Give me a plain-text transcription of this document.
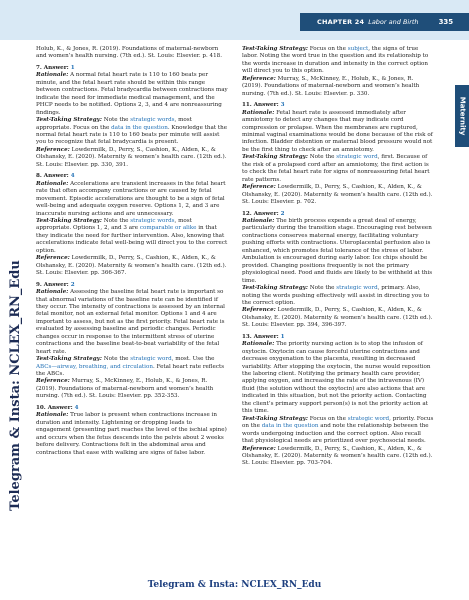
CHAPTER 24 Labor and Birth	335
Maternity
Telegram & Insta: NCLEX_RN_Edu

Holub, K., & Jones, R. (2019). Foundations of maternal-newborn and women’s health nursing. (7th ed.). St. Louis: Elsevier. p. 418.

7. Answer: 1

Rationale: A normal fetal heart rate is 110 to 160 beats per minute, and the fetal heart rate should be within this range between contractions. Fetal bradycardia between contractions may indicate the need for immediate medical management, and the PHCP needs to be notified. Options 2, 3, and 4 are nonreassuring findings.

Test-Taking Strategy: Note the strategic words, most appropriate. Focus on the data in the question. Knowledge that the normal fetal heart rate is 110 to 160 beats per minute will assist you to recognize that fetal bradycardia is present.

Reference: Lowdermilk, D., Perry, S., Cashion, K., Alden, K., & Olshansky, E. (2020). Maternity & women’s health care. (12th ed.). St. Louis: Elsevier. pp. 330, 391.

8. Answer: 4

Rationale: Accelerations are transient increases in the fetal heart rate that often accompany contractions or are caused by fetal movement. Episodic accelerations are thought to be a sign of fetal well-being and adequate oxygen reserve. Options 1, 2, and 3 are inaccurate nursing actions and are unnecessary.

Test-Taking Strategy: Note the strategic words, most appropriate. Options 1, 2, and 3 are comparable or alike in that they indicate the need for further intervention. Also, knowing that accelerations indicate fetal well-being will direct you to the correct option.

Reference: Lowdermilk, D., Perry, S., Cashion, K., Alden, K., & Olshansky, E. (2020). Maternity & women’s health care. (12th ed.). St. Louis: Elsevier. pp. 366-367.

9. Answer: 2

Rationale: Assessing the baseline fetal heart rate is important so that abnormal variations of the baseline rate can be identified if they occur. The intensity of contractions is assessed by an internal fetal monitor, not an external fetal monitor. Options 1 and 4 are important to assess, but not as the first priority. Fetal heart rate is evaluated by assessing baseline and periodic changes. Periodic changes occur in response to the intermittent stress of uterine contractions and the baseline beat-to-beat variability of the fetal heart rate.

Test-Taking Strategy: Note the strategic word, most. Use the ABCs—airway, breathing, and circulation. Fetal heart rate reflects the ABCs.

Reference: Murray, S., McKinney, E., Holub, K., & Jones, R. (2019). Foundations of maternal-newborn and women’s health nursing. (7th ed.). St. Louis: Elsevier. pp. 352-353.

10. Answer: 4

Rationale: True labor is present when contractions increase in duration and intensity. Lightening or dropping leads to engagement (presenting part reaches the level of the ischial spine) and occurs when the fetus descends into the pelvis about 2 weeks before delivery. Contractions felt in the abdominal area and contractions that ease with walking are signs of false labor.

Test-Taking Strategy: Focus on the subject, the signs of true labor. Noting the word true in the question and its relationship to the words increase in duration and intensity in the correct option will direct you to this option.

Reference: Murray, S., McKinney, E., Holub, K., & Jones, R. (2019). Foundations of maternal-newborn and women’s health nursing. (7th ed.). St. Louis: Elsevier. p. 330.

11. Answer: 3

Rationale: Fetal heart rate is assessed immediately after amniotomy to detect any changes that may indicate cord compression or prolapse. When the membranes are ruptured, minimal vaginal examinations would be done because of the risk of infection. Bladder distention or maternal blood pressure would not be the first thing to check after an amniotomy.

Test-Taking Strategy: Note the strategic word, first. Because of the risk of a prolapsed cord after an amniotomy, the first action is to check the fetal heart rate for signs of nonreassuring fetal heart rate patterns.

Reference: Lowdermilk, D., Perry, S., Cashion, K., Alden, K., & Olshansky, E. (2020). Maternity & women’s health care. (12th ed.). St. Louis: Elsevier. p. 702.

12. Answer: 2

Rationale: The birth process expends a great deal of energy, particularly during the transition stage. Encouraging rest between contractions conserves maternal energy, facilitating voluntary pushing efforts with contractions. Uteroplacental perfusion also is enhanced, which promotes fetal tolerance of the stress of labor. Ambulation is encouraged during early labor. Ice chips should be provided. Changing positions frequently is not the primary physiological need. Food and fluids are likely to be withheld at this time.

Test-Taking Strategy: Note the strategic word, primary. Also, noting the words pushing effectively will assist in directing you to the correct option.

Reference: Lowdermilk, D., Perry, S., Cashion, K., Alden, K., & Olshansky, E. (2020). Maternity & women’s health care. (12th ed.). St. Louis: Elsevier. pp. 394, 396-397.

13. Answer: 1

Rationale: The priority nursing action is to stop the infusion of oxytocin. Oxytocin can cause forceful uterine contractions and decrease oxygenation to the placenta, resulting in decreased variability. After stopping the oxytocin, the nurse would reposition the laboring client. Notifying the primary health care provider, applying oxygen, and increasing the rate of the intravenous (IV) fluid (the solution without the oxytocin) are also actions that are indicated in this situation, but not the priority action. Contacting the client’s primary support person(s) is not the priority action at this time.

Test-Taking Strategy: Focus on the strategic word, priority. Focus on the data in the question and note the relationship between the words undergoing induction and the correct option. Also recall that physiological needs are prioritized over psychosocial needs.

Reference: Lowdermilk, D., Perry, S., Cashion, K., Alden, K., & Olshansky, E. (2020). Maternity & women’s health care. (12th ed.). St. Louis: Elsevier. pp. 703-704.

Telegram & Insta: NCLEX_RN_Edu
